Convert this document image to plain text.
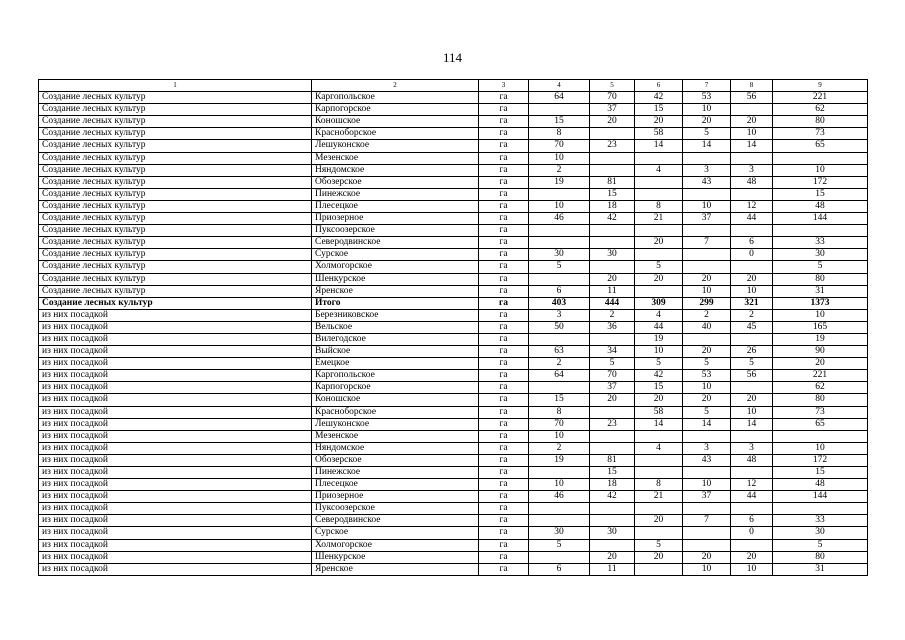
114
1	2	3	4	5	6	7	8	9
Создание лесных культур	Каргопольское	га	64	70	42	53	56	221
Создание лесных культур	Карпогорское	га		37	15	10		62
Создание лесных культур	Коношское	га	15	20	20	20	20	80
Создание лесных культур	Красноборское	га	8		58	5	10	73
Создание лесных культур	Лешуконское	га	70	23	14	14	14	65
Создание лесных культур	Мезенское	га	10					
Создание лесных культур	Няндомское	га	2		4	3	3	10
Создание лесных культур	Обозерское	га	19	81		43	48	172
Создание лесных культур	Пинежское	га		15				15
Создание лесных культур	Плесецкое	га	10	18	8	10	12	48
Создание лесных культур	Приозерное	га	46	42	21	37	44	144
Создание лесных культур	Пуксоозерское	га						
Создание лесных культур	Северодвинское	га			20	7	6	33
Создание лесных культур	Сурское	га	30	30			0	30
Создание лесных культур	Холмогорское	га	5		5			5
Создание лесных культур	Шенкурское	га		20	20	20	20	80
Создание лесных культур	Яренское	га	6	11		10	10	31
Создание лесных культур	Итого	га	403	444	309	299	321	1373
из них посадкой	Березниковское	га	3	2	4	2	2	10
из них посадкой	Вельское	га	50	36	44	40	45	165
из них посадкой	Вилегодское	га			19			19
из них посадкой	Выйское	га	63	34	10	20	26	90
из них посадкой	Емецкое	га	2	5	5	5	5	20
из них посадкой	Каргопольское	га	64	70	42	53	56	221
из них посадкой	Карпогорское	га		37	15	10		62
из них посадкой	Коношское	га	15	20	20	20	20	80
из них посадкой	Красноборское	га	8		58	5	10	73
из них посадкой	Лешуконское	га	70	23	14	14	14	65
из них посадкой	Мезенское	га	10					
из них посадкой	Няндомское	га	2		4	3	3	10
из них посадкой	Обозерское	га	19	81		43	48	172
из них посадкой	Пинежское	га		15				15
из них посадкой	Плесецкое	га	10	18	8	10	12	48
из них посадкой	Приозерное	га	46	42	21	37	44	144
из них посадкой	Пуксоозерское	га						
из них посадкой	Северодвинское	га			20	7	6	33
из них посадкой	Сурское	га	30	30			0	30
из них посадкой	Холмогорское	га	5		5			5
из них посадкой	Шенкурское	га		20	20	20	20	80
из них посадкой	Яренское	га	6	11		10	10	31
